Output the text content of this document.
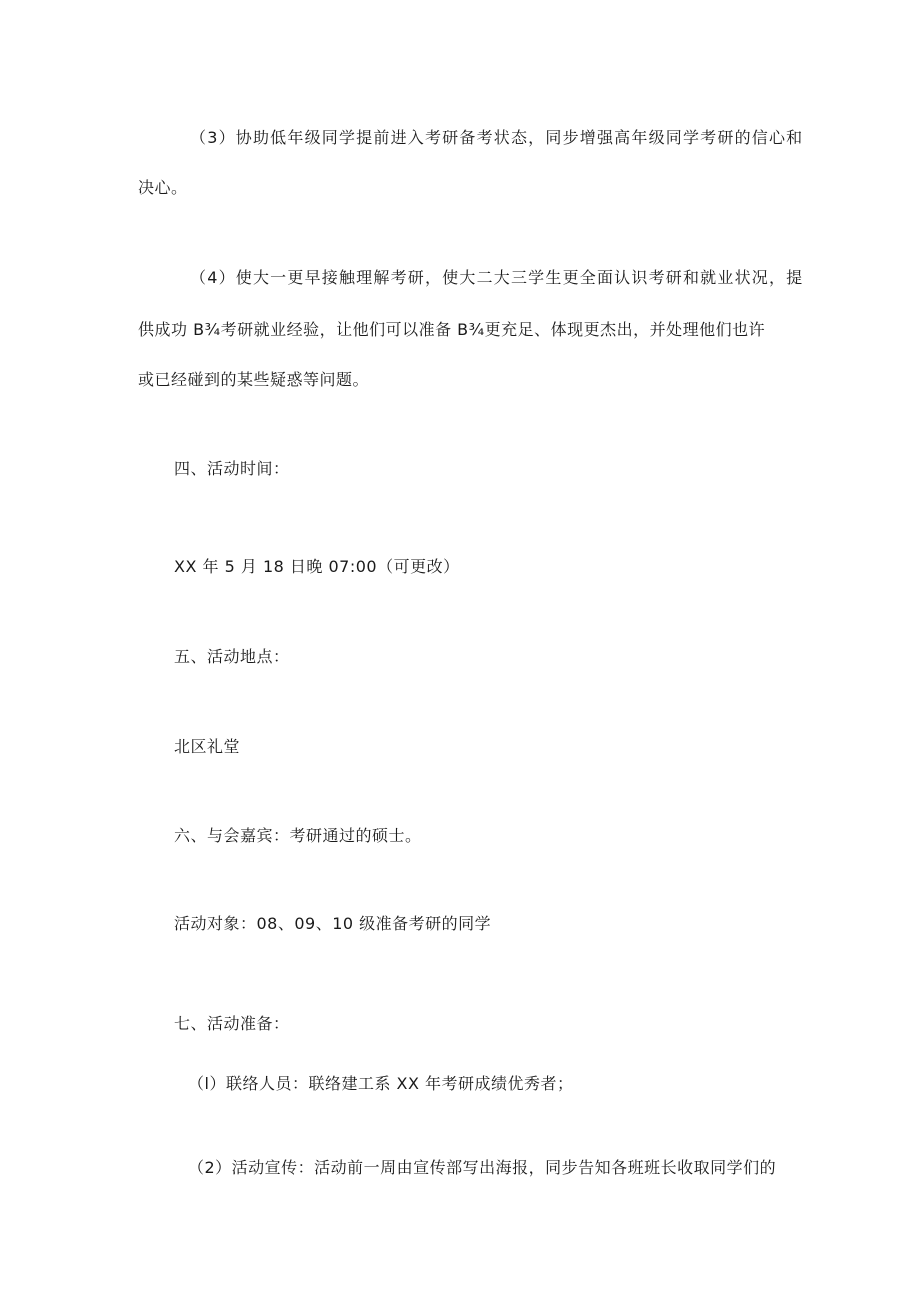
（3）协助低年级同学提前进入考研备考状态，同步增强高年级同学考研的信心和
决心。
（4）使大一更早接触理解考研，使大二大三学生更全面认识考研和就业状况，提
供成功 B¾考研就业经验，让他们可以准备 B¾更充足、体现更杰出，并处理他们也许
或已经碰到的某些疑惑等问题。
四、活动时间：
XX 年 5 月 18 日晚 07:00（可更改）
五、活动地点：
北区礼堂
六、与会嘉宾：考研通过的硕士。
活动对象：08、09、10 级准备考研的同学
七、活动准备：
（l）联络人员：联络建工系 XX 年考研成绩优秀者；
（2）活动宣传：活动前一周由宣传部写出海报，同步告知各班班长收取同学们的
